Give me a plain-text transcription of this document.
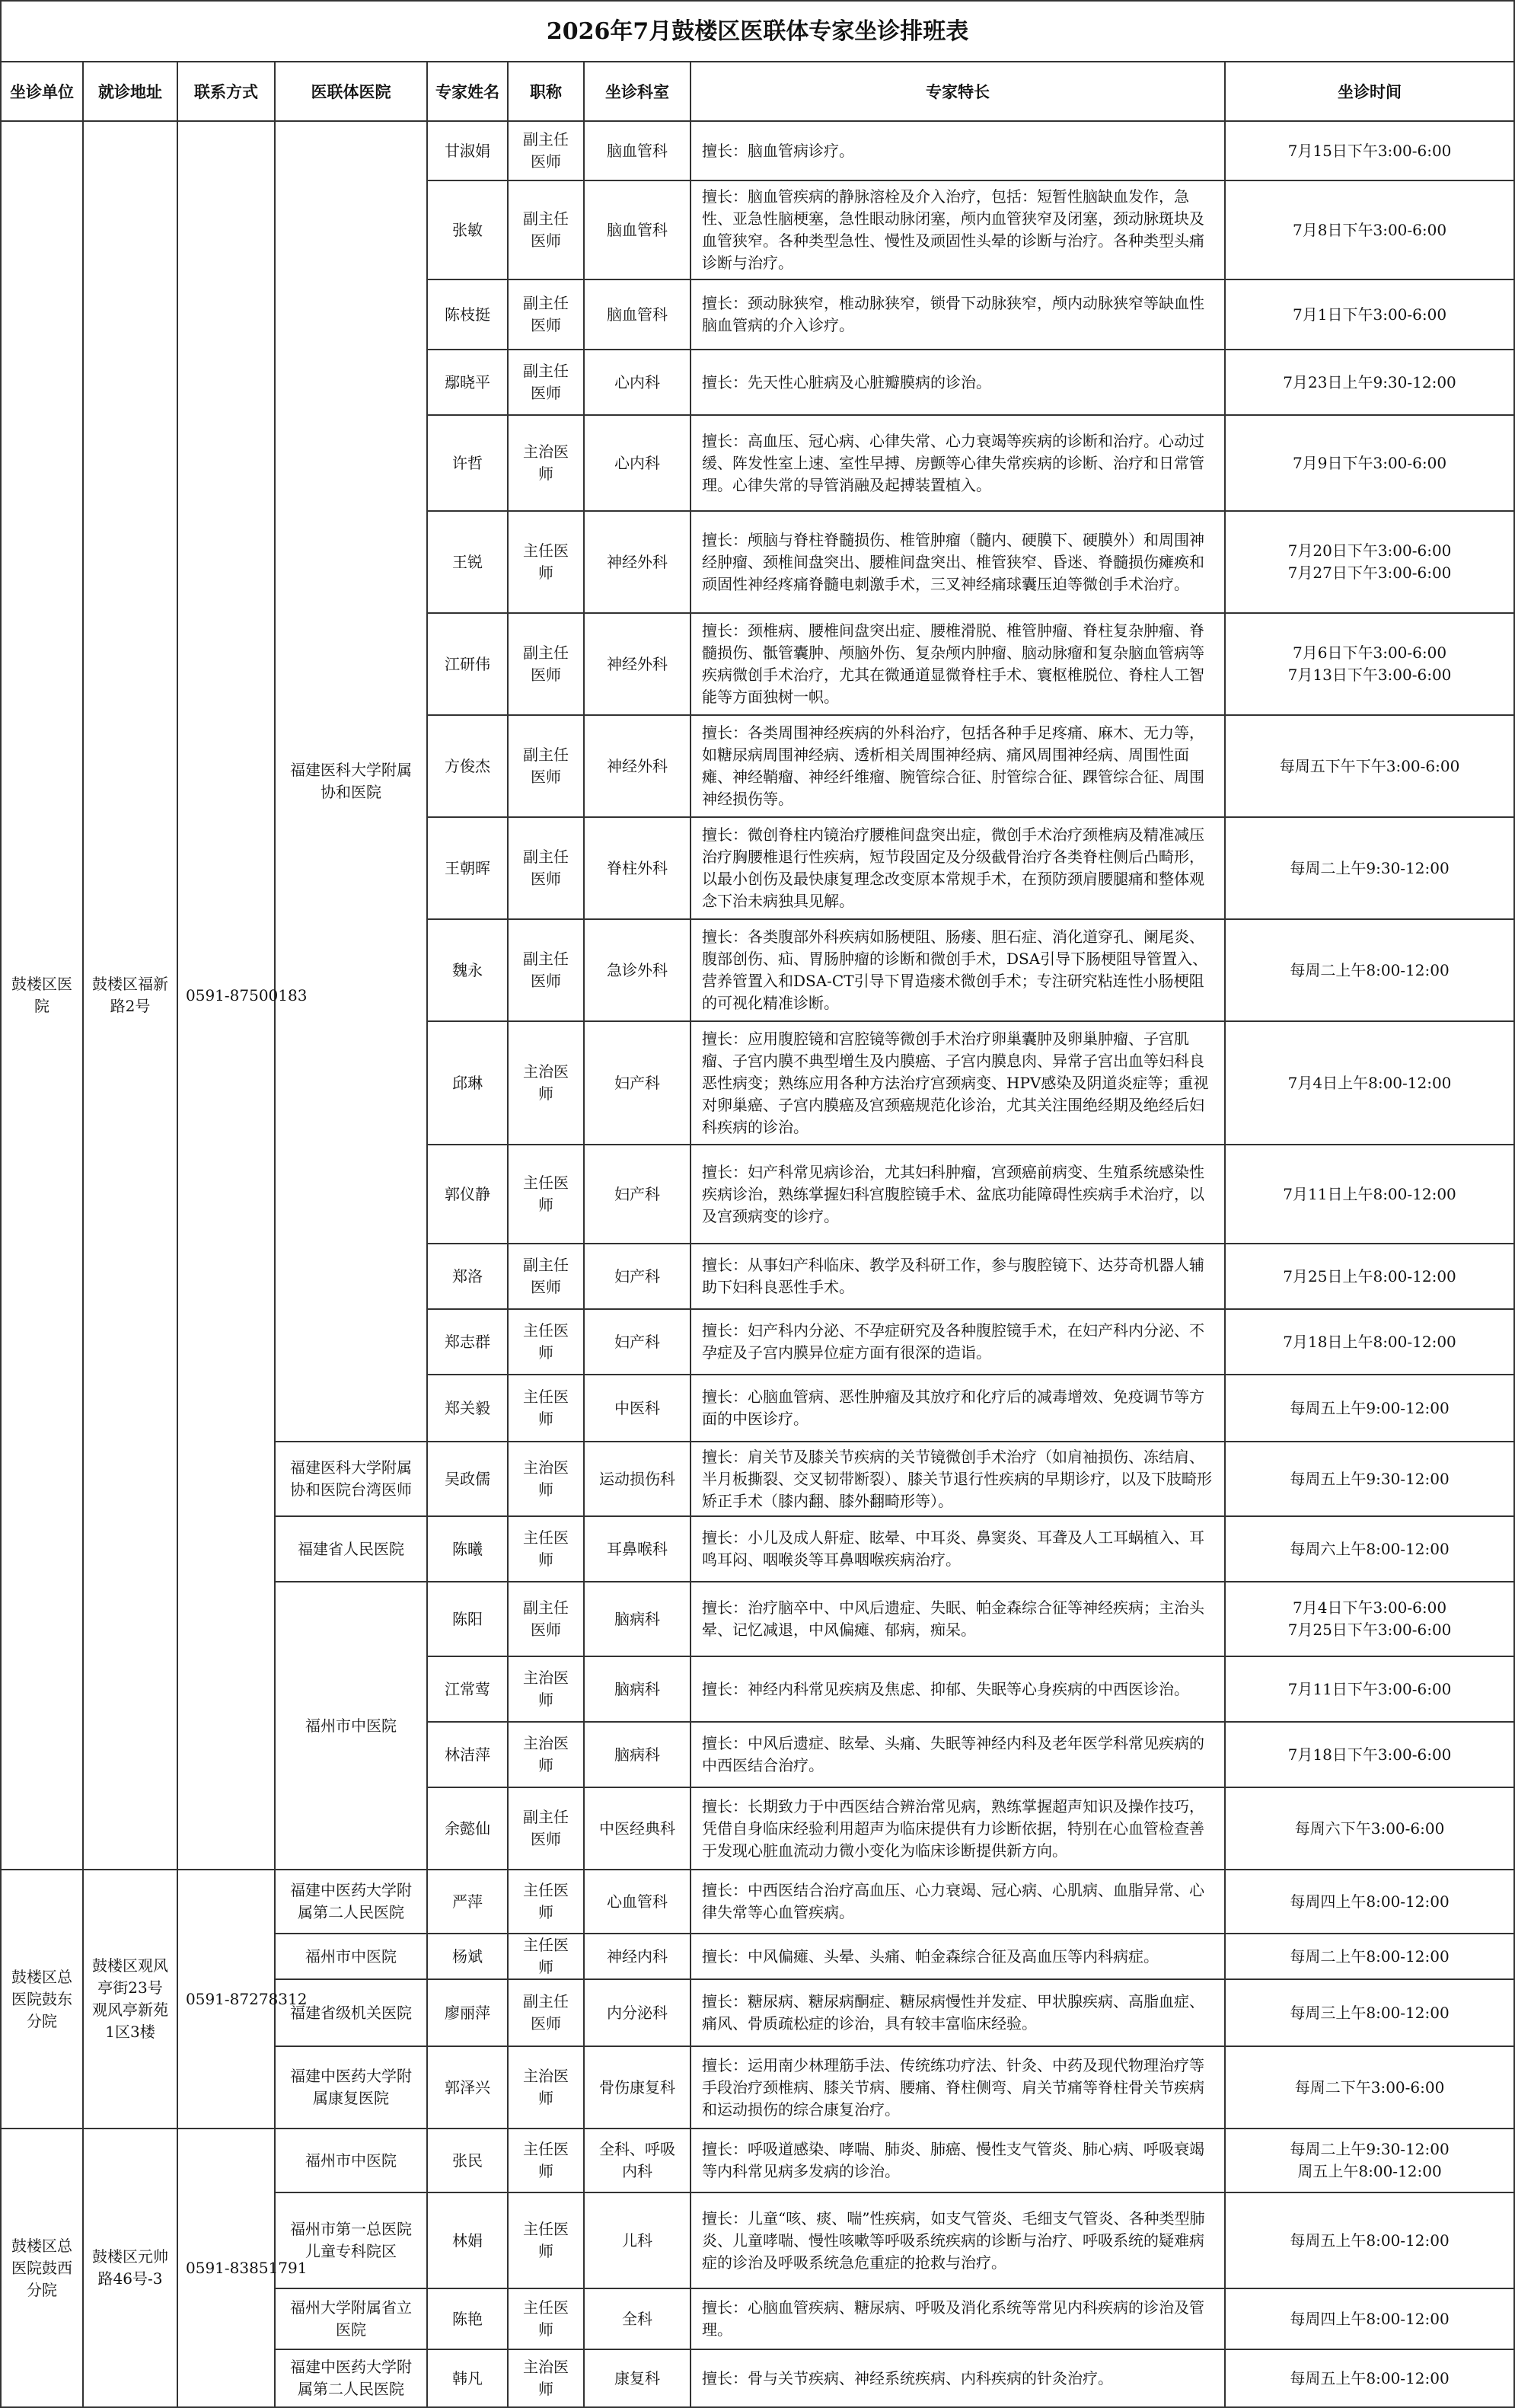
2026年7月鼓楼区医联体专家坐诊排班表								
坐诊单位	就诊地址	联系方式	医联体医院	专家姓名	职称	坐诊科室	专家特长	坐诊时间
鼓楼区医院	鼓楼区福新路2号	0591-87500183	福建医科大学附属协和医院	甘淑娟	副主任医师	脑血管科	擅长：脑血管病诊疗。	7月15日下午3:00-6:00
				张敏	副主任医师	脑血管科	擅长：脑血管疾病的静脉溶栓及介入治疗，包括：短暂性脑缺血发作，急性、亚急性脑梗塞，急性眼动脉闭塞，颅内血管狭窄及闭塞，颈动脉斑块及血管狭窄。各种类型急性、慢性及顽固性头晕的诊断与治疗。各种类型头痛诊断与治疗。	7月8日下午3:00-6:00
				陈枝挺	副主任医师	脑血管科	擅长：颈动脉狭窄，椎动脉狭窄，锁骨下动脉狭窄，颅内动脉狭窄等缺血性脑血管病的介入诊疗。	7月1日下午3:00-6:00
				鄢晓平	副主任医师	心内科	擅长：先天性心脏病及心脏瓣膜病的诊治。	7月23日上午9:30-12:00
				许哲	主治医师	心内科	擅长：高血压、冠心病、心律失常、心力衰竭等疾病的诊断和治疗。心动过缓、阵发性室上速、室性早搏、房颤等心律失常疾病的诊断、治疗和日常管理。心律失常的导管消融及起搏装置植入。	7月9日下午3:00-6:00
				王锐	主任医师	神经外科	擅长：颅脑与脊柱脊髓损伤、椎管肿瘤（髓内、硬膜下、硬膜外）和周围神经肿瘤、颈椎间盘突出、腰椎间盘突出、椎管狭窄、昏迷、脊髓损伤瘫痪和顽固性神经疼痛脊髓电刺激手术，三叉神经痛球囊压迫等微创手术治疗。	7月20日下午3:00-6:00
7月27日下午3:00-6:00
				江研伟	副主任医师	神经外科	擅长：颈椎病、腰椎间盘突出症、腰椎滑脱、椎管肿瘤、脊柱复杂肿瘤、脊髓损伤、骶管囊肿、颅脑外伤、复杂颅内肿瘤、脑动脉瘤和复杂脑血管病等疾病微创手术治疗，尤其在微通道显微脊柱手术、寰枢椎脱位、脊柱人工智能等方面独树一帜。	7月6日下午3:00-6:00
7月13日下午3:00-6:00
				方俊杰	副主任医师	神经外科	擅长：各类周围神经疾病的外科治疗，包括各种手足疼痛、麻木、无力等，如糖尿病周围神经病、透析相关周围神经病、痛风周围神经病、周围性面瘫、神经鞘瘤、神经纤维瘤、腕管综合征、肘管综合征、踝管综合征、周围神经损伤等。	每周五下午下午3:00-6:00
				王朝晖	副主任医师	脊柱外科	擅长：微创脊柱内镜治疗腰椎间盘突出症，微创手术治疗颈椎病及精准减压治疗胸腰椎退行性疾病，短节段固定及分级截骨治疗各类脊柱侧后凸畸形，以最小创伤及最快康复理念改变原本常规手术，在预防颈肩腰腿痛和整体观念下治未病独具见解。	每周二上午9:30-12:00
				魏永	副主任医师	急诊外科	擅长：各类腹部外科疾病如肠梗阻、肠瘘、胆石症、消化道穿孔、阑尾炎、腹部创伤、疝、胃肠肿瘤的诊断和微创手术，DSA引导下肠梗阻导管置入、营养管置入和DSA-CT引导下胃造瘘术微创手术；专注研究粘连性小肠梗阻的可视化精准诊断。	每周二上午8:00-12:00
				邱琳	主治医师	妇产科	擅长：应用腹腔镜和宫腔镜等微创手术治疗卵巢囊肿及卵巢肿瘤、子宫肌瘤、子宫内膜不典型增生及内膜癌、子宫内膜息肉、异常子宫出血等妇科良恶性病变；熟练应用各种方法治疗宫颈病变、HPV感染及阴道炎症等；重视对卵巢癌、子宫内膜癌及宫颈癌规范化诊治，尤其关注围绝经期及绝经后妇科疾病的诊治。	7月4日上午8:00-12:00
				郭仪静	主任医师	妇产科	擅长：妇产科常见病诊治，尤其妇科肿瘤，宫颈癌前病变、生殖系统感染性疾病诊治，熟练掌握妇科宫腹腔镜手术、盆底功能障碍性疾病手术治疗，以及宫颈病变的诊疗。	7月11日上午8:00-12:00
				郑洛	副主任医师	妇产科	擅长：从事妇产科临床、教学及科研工作，参与腹腔镜下、达芬奇机器人辅助下妇科良恶性手术。	7月25日上午8:00-12:00
				郑志群	主任医师	妇产科	擅长：妇产科内分泌、不孕症研究及各种腹腔镜手术，在妇产科内分泌、不孕症及子宫内膜异位症方面有很深的造诣。	7月18日上午8:00-12:00
				郑关毅	主任医师	中医科	擅长：心脑血管病、恶性肿瘤及其放疗和化疗后的减毒增效、免疫调节等方面的中医诊疗。	每周五上午9:00-12:00
			福建医科大学附属协和医院台湾医师	吴政儒	主治医师	运动损伤科	擅长：肩关节及膝关节疾病的关节镜微创手术治疗（如肩袖损伤、冻结肩、半月板撕裂、交叉韧带断裂）、膝关节退行性疾病的早期诊疗，以及下肢畸形矫正手术（膝内翻、膝外翻畸形等）。	每周五上午9:30-12:00
			福建省人民医院	陈曦	主任医师	耳鼻喉科	擅长：小儿及成人鼾症、眩晕、中耳炎、鼻窦炎、耳聋及人工耳蜗植入、耳鸣耳闷、咽喉炎等耳鼻咽喉疾病治疗。	每周六上午8:00-12:00
			福州市中医院	陈阳	副主任医师	脑病科	擅长：治疗脑卒中、中风后遗症、失眠、帕金森综合征等神经疾病；主治头晕、记忆减退，中风偏瘫、郁病，痴呆。	7月4日下午3:00-6:00
7月25日下午3:00-6:00
				江常莺	主治医师	脑病科	擅长：神经内科常见疾病及焦虑、抑郁、失眠等心身疾病的中西医诊治。	7月11日下午3:00-6:00
				林洁萍	主治医师	脑病科	擅长：中风后遗症、眩晕、头痛、失眠等神经内科及老年医学科常见疾病的中西医结合治疗。	7月18日下午3:00-6:00
				余懿仙	副主任医师	中医经典科	擅长：长期致力于中西医结合辨治常见病，熟练掌握超声知识及操作技巧，凭借自身临床经验利用超声为临床提供有力诊断依据，特别在心血管检查善于发现心脏血流动力微小变化为临床诊断提供新方向。	每周六下午3:00-6:00
鼓楼区总医院鼓东分院	鼓楼区观风亭街23号观风亭新苑1区3楼	0591-87278312	福建中医药大学附属第二人民医院	严萍	主任医师	心血管科	擅长：中西医结合治疗高血压、心力衰竭、冠心病、心肌病、血脂异常、心律失常等心血管疾病。	每周四上午8:00-12:00
			福州市中医院	杨斌	主任医师	神经内科	擅长：中风偏瘫、头晕、头痛、帕金森综合征及高血压等内科病症。	每周二上午8:00-12:00
			福建省级机关医院	廖丽萍	副主任医师	内分泌科	擅长：糖尿病、糖尿病酮症、糖尿病慢性并发症、甲状腺疾病、高脂血症、痛风、骨质疏松症的诊治，具有较丰富临床经验。	每周三上午8:00-12:00
			福建中医药大学附属康复医院	郭泽兴	主治医师	骨伤康复科	擅长：运用南少林理筋手法、传统练功疗法、针灸、中药及现代物理治疗等手段治疗颈椎病、膝关节病、腰痛、脊柱侧弯、肩关节痛等脊柱骨关节疾病和运动损伤的综合康复治疗。	每周二下午3:00-6:00
鼓楼区总医院鼓西分院	鼓楼区元帅路46号-3	0591-83851791	福州市中医院	张民	主任医师	全科、呼吸内科	擅长：呼吸道感染、哮喘、肺炎、肺癌、慢性支气管炎、肺心病、呼吸衰竭等内科常见病多发病的诊治。	每周二上午9:30-12:00
周五上午8:00-12:00
			福州市第一总医院儿童专科院区	林娟	主任医师	儿科	擅长：儿童“咳、痰、喘”性疾病，如支气管炎、毛细支气管炎、各种类型肺炎、儿童哮喘、慢性咳嗽等呼吸系统疾病的诊断与治疗、呼吸系统的疑难病症的诊治及呼吸系统急危重症的抢救与治疗。	每周五上午8:00-12:00
			福州大学附属省立医院	陈艳	主任医师	全科	擅长：心脑血管疾病、糖尿病、呼吸及消化系统等常见内科疾病的诊治及管理。	每周四上午8:00-12:00
			福建中医药大学附属第二人民医院	韩凡	主治医师	康复科	擅长：骨与关节疾病、神经系统疾病、内科疾病的针灸治疗。	每周五上午8:00-12:00
